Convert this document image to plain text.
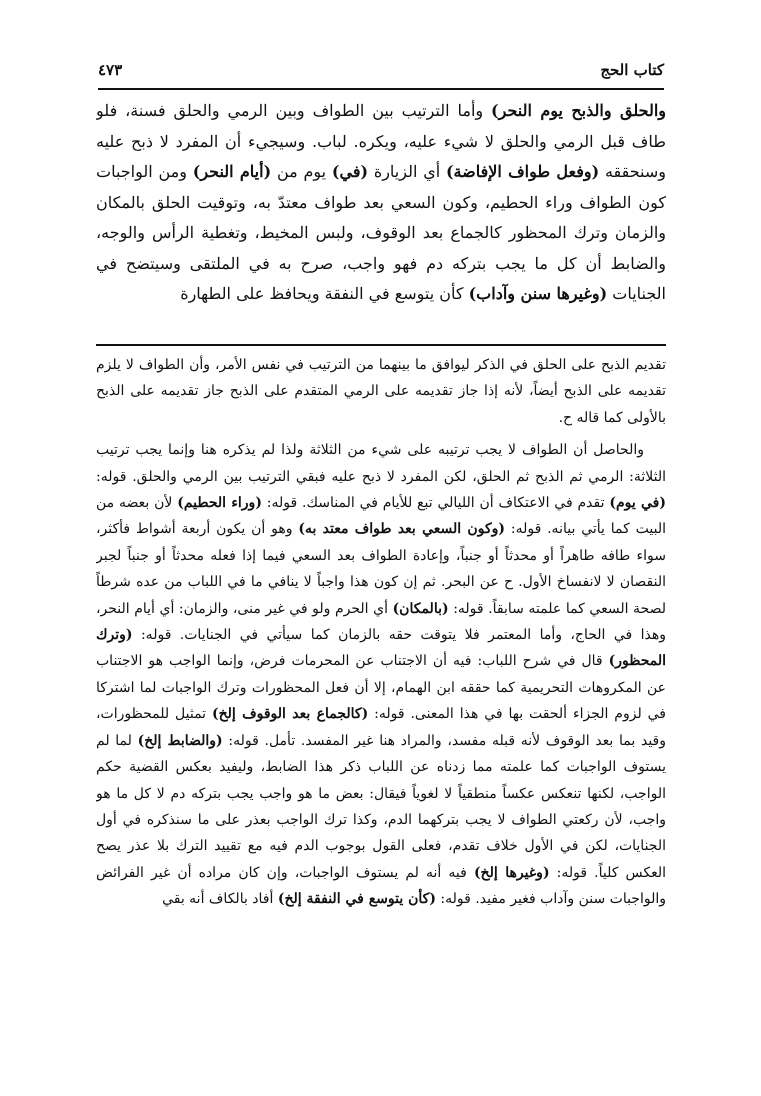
كتاب الحج
٤٧٣
والحلق والذبح يوم النحر) وأما الترتيب بين الطواف وبين الرمي والحلق فسنة، فلو طاف قبل الرمي والحلق لا شيء عليه، ويكره. لباب. وسيجيء أن المفرد لا ذبح عليه وسنحققه (وفعل طواف الإفاضة) أي الزيارة (في) يوم من (أيام النحر) ومن الواجبات كون الطواف وراء الحطيم، وكون السعي بعد طواف معتدّ به، وتوقيت الحلق بالمكان والزمان وترك المحظور كالجماع بعد الوقوف، ولبس المخيط، وتغطية الرأس والوجه، والضابط أن كل ما يجب بتركه دم فهو واجب، صرح به في الملتقى وسيتضح في الجنايات (وغيرها سنن وآداب) كأن يتوسع في النفقة ويحافظ على الطهارة

تقديم الذبح على الحلق في الذكر ليوافق ما بينهما من الترتيب في نفس الأمر، وأن الطواف لا يلزم تقديمه على الذبح أيضاً، لأنه إذا جاز تقديمه على الرمي المتقدم على الذبح جاز تقديمه على الذبح بالأولى كما قاله ح.

والحاصل أن الطواف لا يجب ترتيبه على شيء من الثلاثة ولذا لم يذكره هنا وإنما يجب ترتيب الثلاثة: الرمي ثم الذبح ثم الحلق، لكن المفرد لا ذبح عليه فبقي الترتيب بين الرمي والحلق. قوله: (في يوم) تقدم في الاعتكاف أن الليالي تبع للأيام في المناسك. قوله: (وراء الحطيم) لأن بعضه من البيت كما يأتي بيانه. قوله: (وكون السعي بعد طواف معتد به) وهو أن يكون أربعة أشواط فأكثر، سواء طافه طاهراً أو محدثاً أو جنباً، وإعادة الطواف بعد السعي فيما إذا فعله محدثاً أو جنباً لجبر النقصان لا لانفساخ الأول. ح عن البحر. ثم إن كون هذا واجباً لا ينافي ما في اللباب من عده شرطاً لصحة السعي كما علمته سابقاً. قوله: (بالمكان) أي الحرم ولو في غير منى، والزمان: أي أيام النحر، وهذا في الحاج، وأما المعتمر فلا يتوقت حقه بالزمان كما سيأتي في الجنايات. قوله: (وترك المحظور) قال في شرح اللباب: فيه أن الاجتناب عن المحرمات فرض، وإنما الواجب هو الاجتناب عن المكروهات التحريمية كما حققه ابن الهمام، إلا أن فعل المحظورات وترك الواجبات لما اشتركا في لزوم الجزاء ألحقت بها في هذا المعنى. قوله: (كالجماع بعد الوقوف إلخ) تمثيل للمحظورات، وقيد بما بعد الوقوف لأنه قبله مفسد، والمراد هنا غير المفسد. تأمل. قوله: (والضابط إلخ) لما لم يستوف الواجبات كما علمته مما زدناه عن اللباب ذكر هذا الضابط، وليفيد بعكس القضية حكم الواجب، لكنها تنعكس عكساً منطقياً لا لغوياً فيقال: بعض ما هو واجب يجب بتركه دم لا كل ما هو واجب، لأن ركعتي الطواف لا يجب بتركهما الدم، وكذا ترك الواجب بعذر على ما سنذكره في أول الجنايات، لكن في الأول خلاف تقدم، فعلى القول بوجوب الدم فيه مع تقييد الترك بلا عذر يصح العكس كلياً. قوله: (وغيرها إلخ) فيه أنه لم يستوف الواجبات، وإن كان مراده أن غير الفرائض والواجبات سنن وآداب فغير مفيد. قوله: (كأن يتوسع في النفقة إلخ) أفاد بالكاف أنه بقي
